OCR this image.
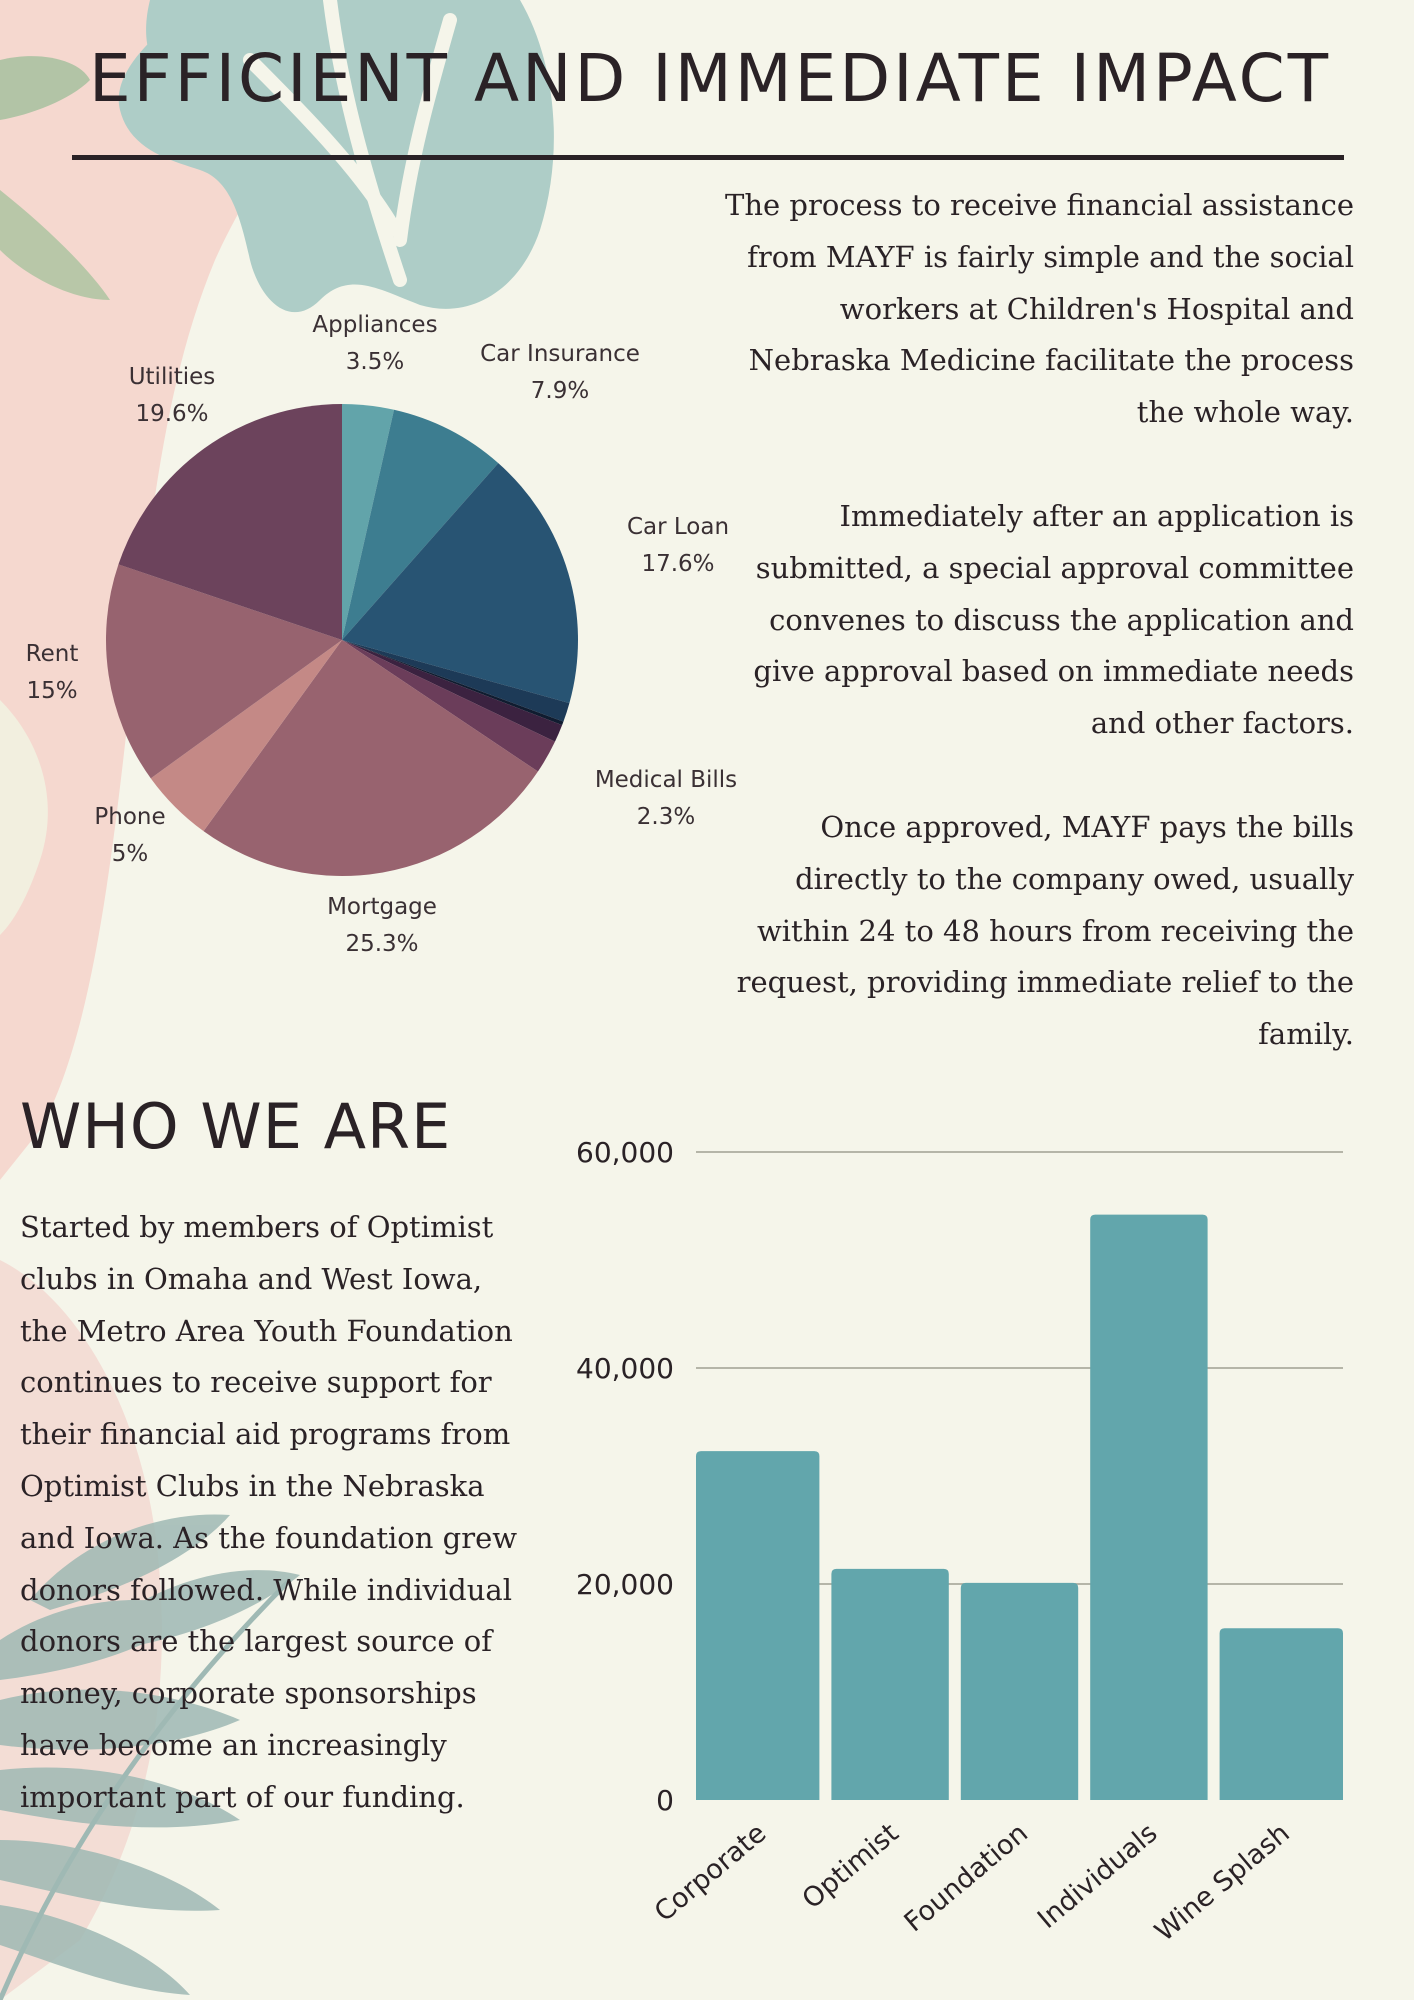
EFFICIENT AND IMMEDIATE IMPACT

The process to receive financial assistance from MAYF is fairly simple and the social workers at Children's Hospital and Nebraska Medicine facilitate the process the whole way.

Immediately after an application is submitted, a special approval committee convenes to discuss the application and give approval based on immediate needs and other factors.

Once approved, MAYF pays the bills directly to the company owed, usually within 24 to 48 hours from receiving the request, providing immediate relief to the family.

Appliances
3.5%	Car Insurance
7.9%
Car Loan
17.6%
Medical Bills
2.3%
Mortgage
25.3%
Phone
5%
Rent
15%
Utilities
19.6%
WHO WE ARE
Started by members of Optimist clubs in Omaha and West Iowa, the Metro Area Youth Foundation continues to receive support for their financial aid programs from Optimist Clubs in the Nebraska and Iowa. As the foundation grew donors followed. While individual donors are the largest source of money, corporate sponsorships have become an increasingly important part of our funding.	0
20,000
40,000
60,000
Corporate Optimist
Foundation
Individuals
Wine Splash
